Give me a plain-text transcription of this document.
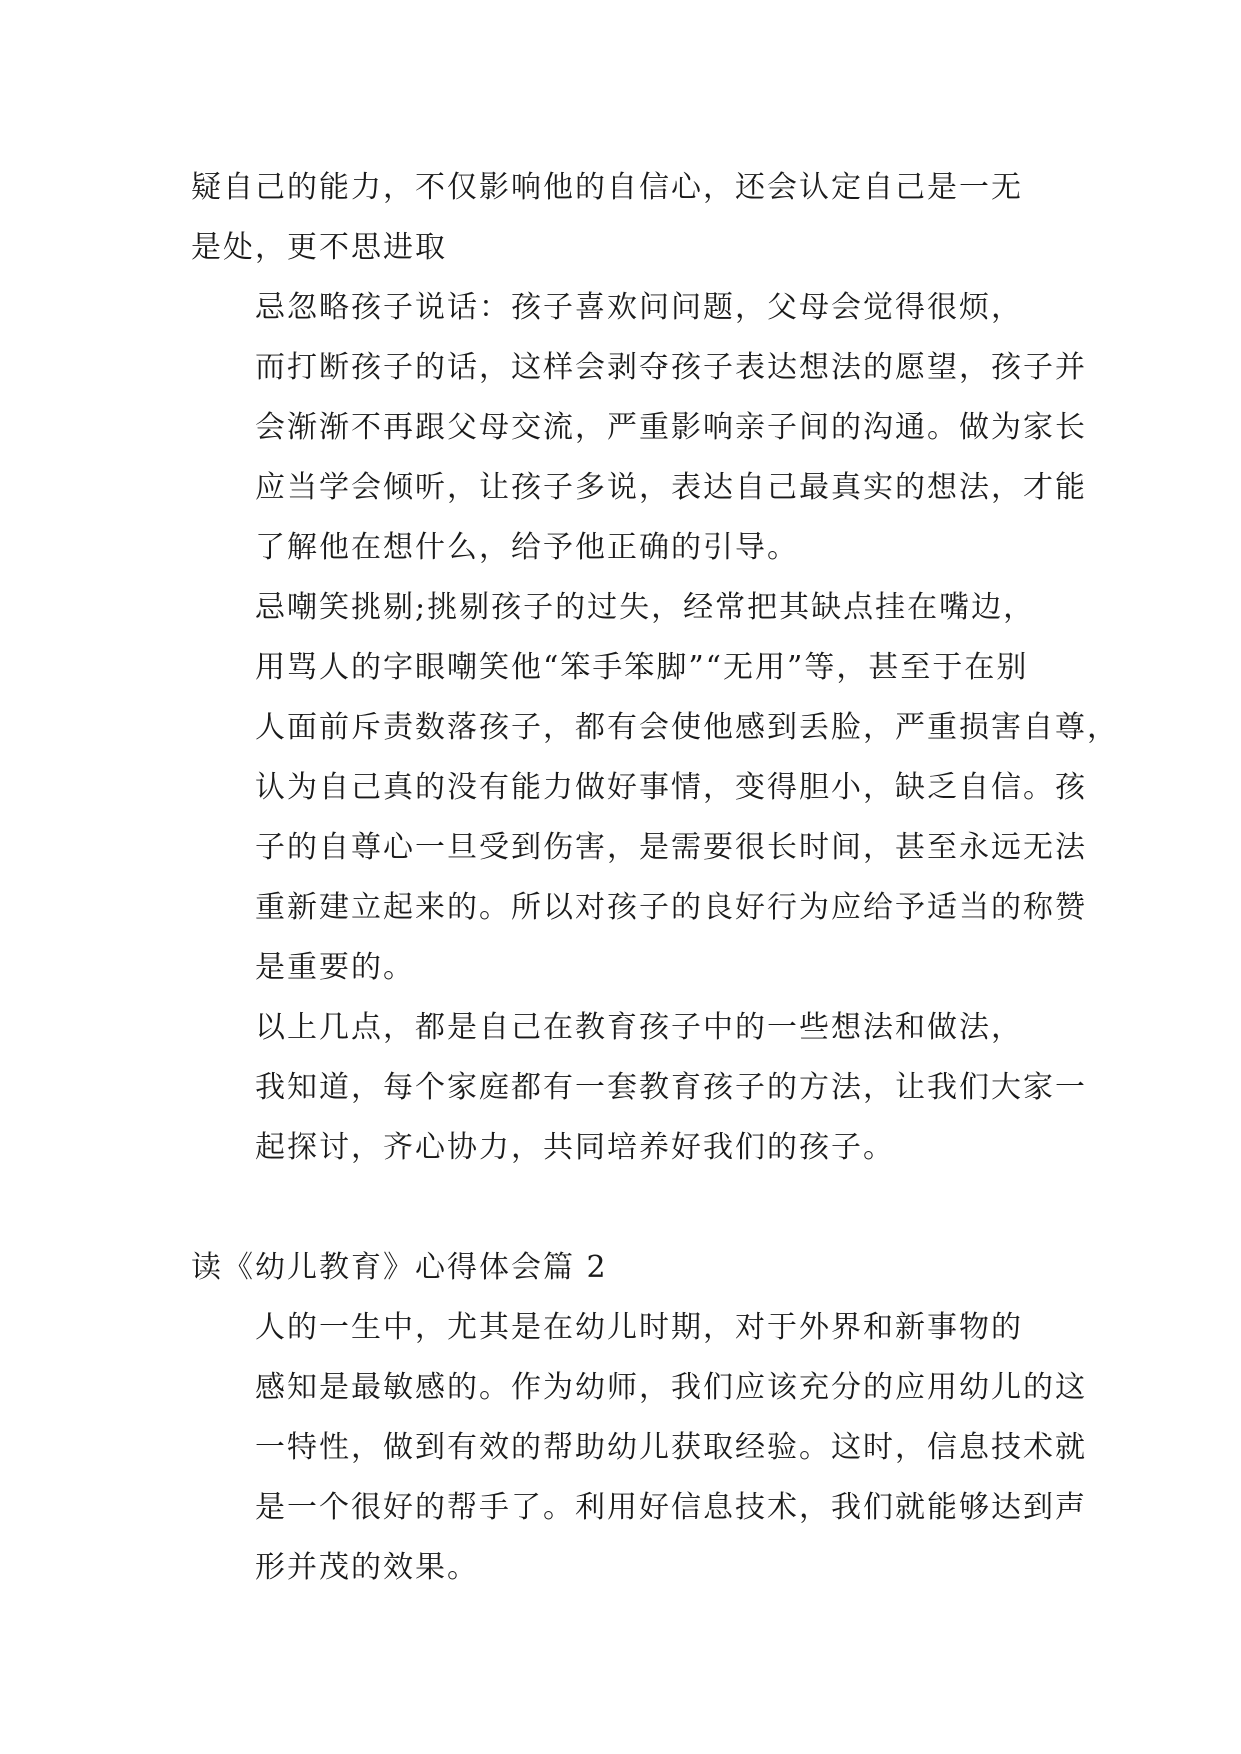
疑自己的能力，不仅影响他的自信心，还会认定自己是一无
是处，更不思进取

忌忽略孩子说话：孩子喜欢问问题，父母会觉得很烦，
而打断孩子的话，这样会剥夺孩子表达想法的愿望，孩子并
会渐渐不再跟父母交流，严重影响亲子间的沟通。做为家长
应当学会倾听，让孩子多说，表达自己最真实的想法，才能
了解他在想什么，给予他正确的引导。

忌嘲笑挑剔;挑剔孩子的过失，经常把其缺点挂在嘴边，
用骂人的字眼嘲笑他“笨手笨脚”“无用”等，甚至于在别
人面前斥责数落孩子，都有会使他感到丢脸，严重损害自尊，
认为自己真的没有能力做好事情，变得胆小，缺乏自信。孩
子的自尊心一旦受到伤害，是需要很长时间，甚至永远无法
重新建立起来的。所以对孩子的良好行为应给予适当的称赞
是重要的。

以上几点，都是自己在教育孩子中的一些想法和做法，
我知道，每个家庭都有一套教育孩子的方法，让我们大家一
起探讨，齐心协力，共同培养好我们的孩子。

读《幼儿教育》心得体会篇 2

人的一生中，尤其是在幼儿时期，对于外界和新事物的
感知是最敏感的。作为幼师，我们应该充分的应用幼儿的这
一特性，做到有效的帮助幼儿获取经验。这时，信息技术就
是一个很好的帮手了。利用好信息技术，我们就能够达到声
形并茂的效果。
